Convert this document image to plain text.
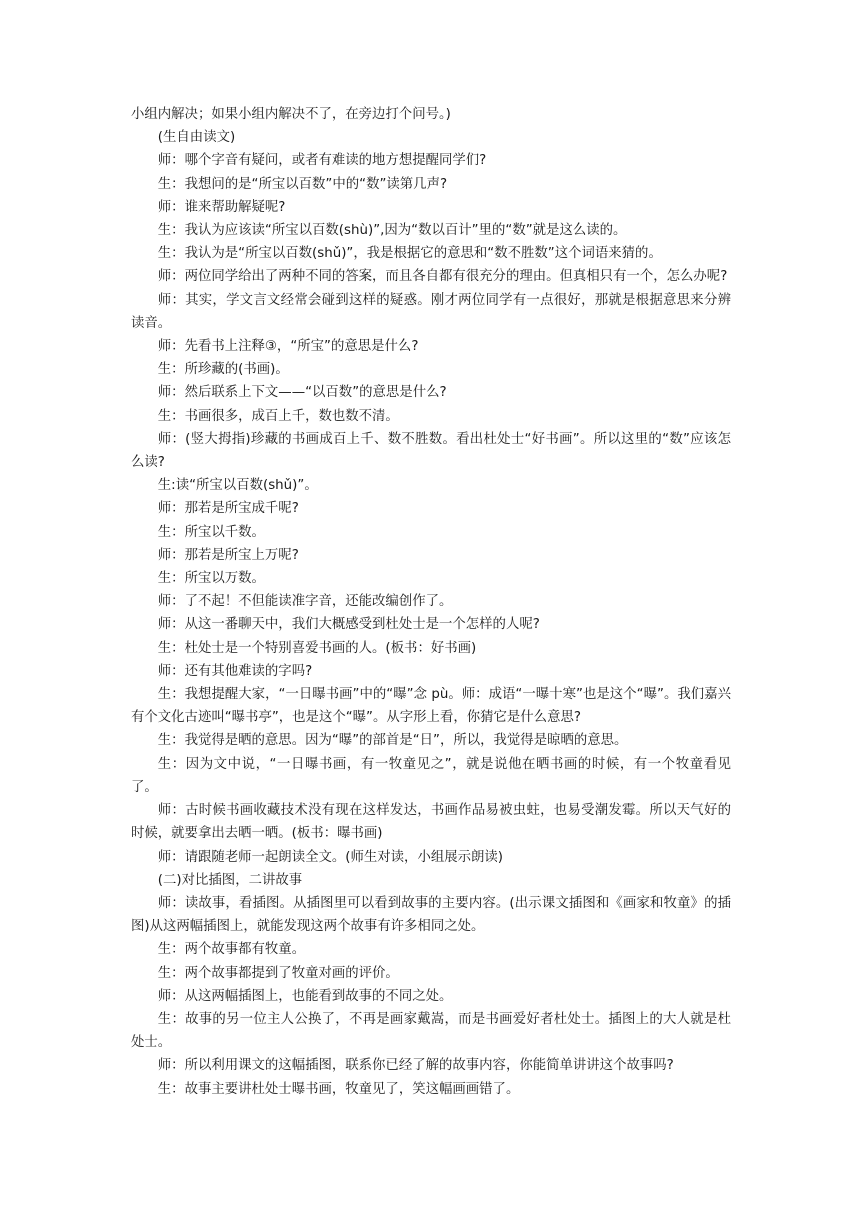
小组内解决；如果小组内解决不了，在旁边打个问号。)

(生自由读文)

师：哪个字音有疑问，或者有难读的地方想提醒同学们?

生：我想问的是“所宝以百数”中的“数”读第几声?

师：谁来帮助解疑呢?

生：我认为应该读“所宝以百数(shù)”,因为“数以百计”里的“数”就是这么读的。

生：我认为是“所宝以百数(shǔ)”，我是根据它的意思和“数不胜数”这个词语来猜的。

师：两位同学给出了两种不同的答案，而且各自都有很充分的理由。但真相只有一个，怎么办呢?

师：其实，学文言文经常会碰到这样的疑惑。刚才两位同学有一点很好，那就是根据意思来分辨读音。

师：先看书上注释③，“所宝”的意思是什么?

生：所珍藏的(书画)。

师：然后联系上下文——“以百数”的意思是什么?

生：书画很多，成百上千，数也数不清。

师：(竖大拇指)珍藏的书画成百上千、数不胜数。看出杜处士“好书画”。所以这里的“数”应该怎么读?

生:读“所宝以百数(shǔ)”。

师：那若是所宝成千呢?

生：所宝以千数。

师：那若是所宝上万呢?

生：所宝以万数。

师：了不起！不但能读准字音，还能改编创作了。

师：从这一番聊天中，我们大概感受到杜处士是一个怎样的人呢?

生：杜处士是一个特别喜爱书画的人。(板书：好书画)

师：还有其他难读的字吗?

生：我想提醒大家，“一日曝书画”中的“曝”念 pù。师：成语“一曝十寒”也是这个“曝”。我们嘉兴有个文化古迹叫“曝书亭”，也是这个“曝”。从字形上看，你猜它是什么意思?

生：我觉得是晒的意思。因为“曝”的部首是“日”，所以，我觉得是晾晒的意思。

生：因为文中说，“一日曝书画，有一牧童见之”，就是说他在晒书画的时候，有一个牧童看见了。

师：古时候书画收藏技术没有现在这样发达，书画作品易被虫蛀，也易受潮发霉。所以天气好的时候，就要拿出去晒一晒。(板书：曝书画)

师：请跟随老师一起朗读全文。(师生对读，小组展示朗读)

(二)对比插图，二讲故事

师：读故事，看插图。从插图里可以看到故事的主要内容。(出示课文插图和《画家和牧童》的插图)从这两幅插图上，就能发现这两个故事有许多相同之处。

生：两个故事都有牧童。

生：两个故事都提到了牧童对画的评价。

师：从这两幅插图上，也能看到故事的不同之处。

生：故事的另一位主人公换了，不再是画家戴嵩，而是书画爱好者杜处士。插图上的大人就是杜处士。

师：所以利用课文的这幅插图，联系你已经了解的故事内容，你能简单讲讲这个故事吗?

生：故事主要讲杜处士曝书画，牧童见了，笑这幅画画错了。
